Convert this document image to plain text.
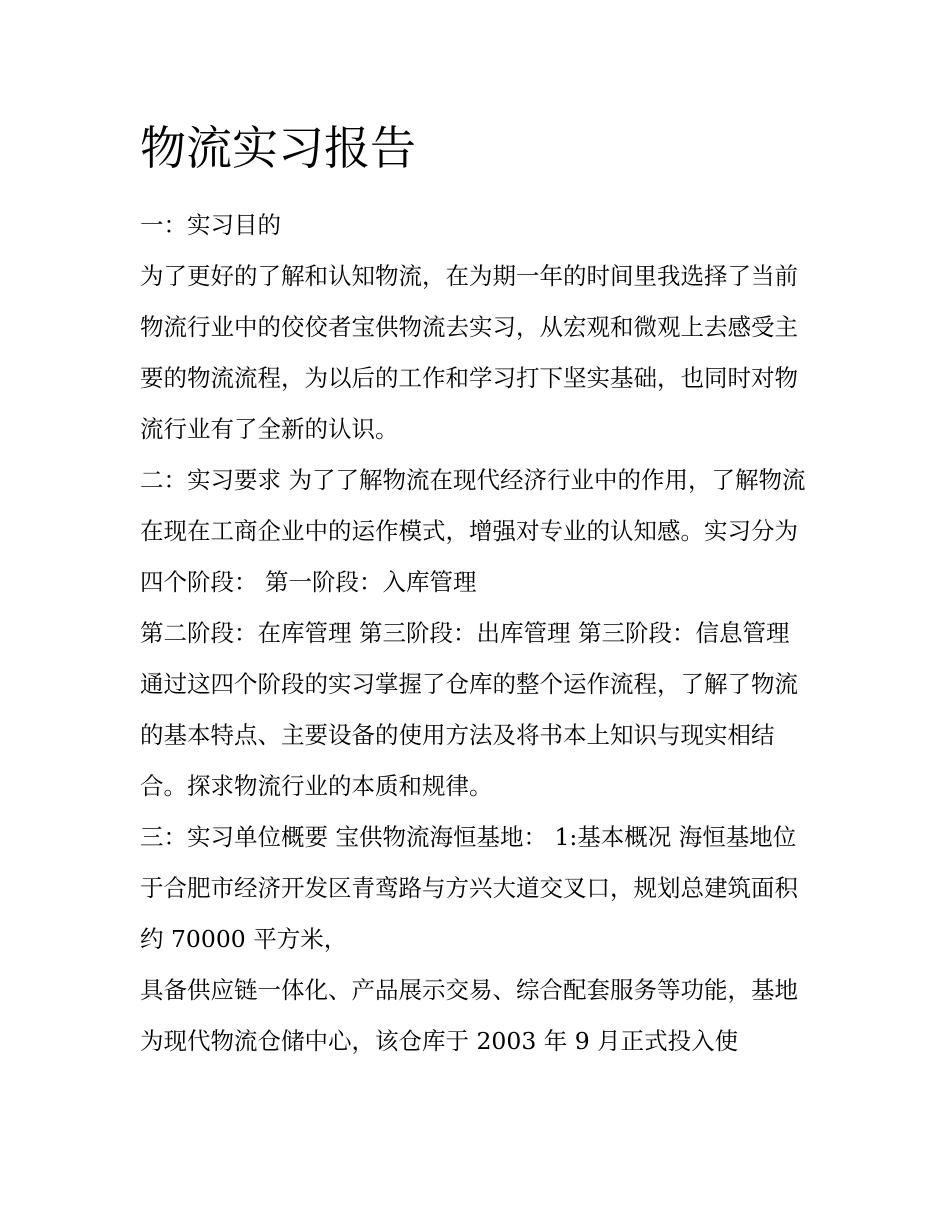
物流实习报告

一：实习目的

为了更好的了解和认知物流，在为期一年的时间里我选择了当前物流行业中的佼佼者宝供物流去实习，从宏观和微观上去感受主要的物流流程，为以后的工作和学习打下坚实基础，也同时对物流行业有了全新的认识。

二：实习要求 为了了解物流在现代经济行业中的作用，了解物流在现在工商企业中的运作模式，增强对专业的认知感。实习分为四个阶段： 第一阶段：入库管理

第二阶段：在库管理 第三阶段：出库管理 第三阶段：信息管理

通过这四个阶段的实习掌握了仓库的整个运作流程，了解了物流的基本特点、主要设备的使用方法及将书本上知识与现实相结合。探求物流行业的本质和规律。

三：实习单位概要 宝供物流海恒基地： 1:基本概况 海恒基地位于合肥市经济开发区青鸾路与方兴大道交叉口，规划总建筑面积约 70000 平方米，

具备供应链一体化、产品展示交易、综合配套服务等功能，基地为现代物流仓储中心，该仓库于 2003 年 9 月正式投入使
